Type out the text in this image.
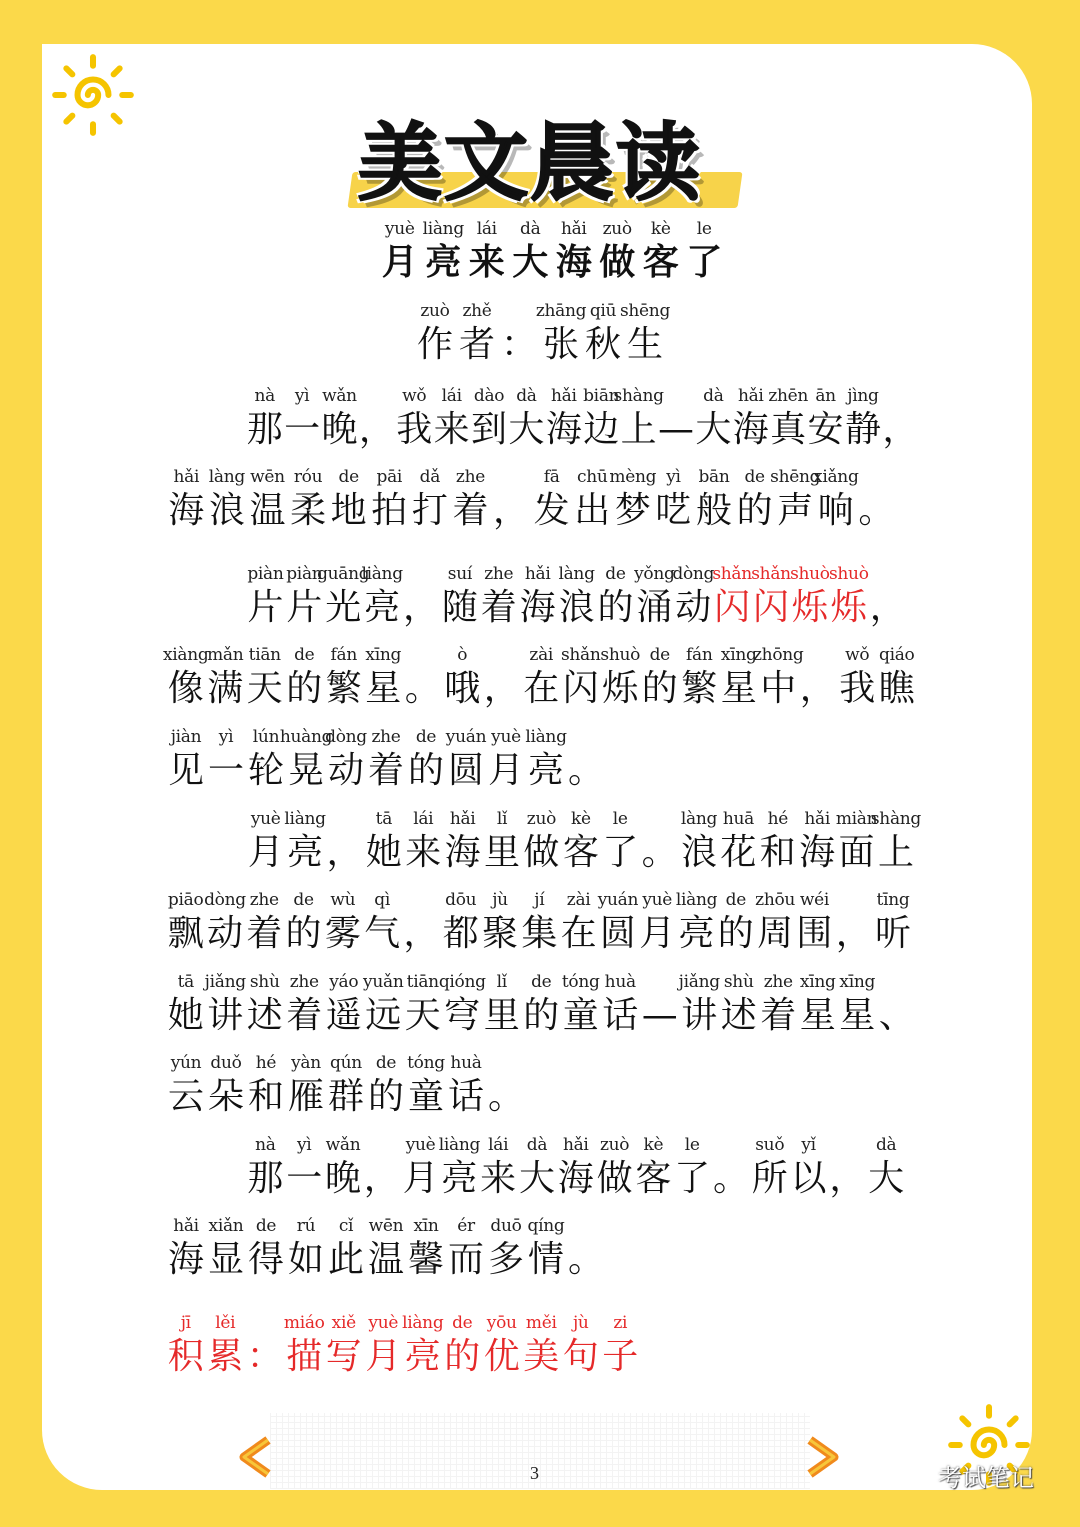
美文晨读
yuè
月
liàng
亮
lái
来
dà
大
hǎi
海
zuò
做
kè
客
le
了
zuò
作
zhě
者
：
zhāng
张
qiū
秋
shēng
生
nà
那
yì
一
wǎn
晚
，
wǒ
我
lái
来
dào
到
dà
大
hǎi
海
biān
边
shàng
上
—
dà
大
hǎi
海
zhēn
真
ān
安
jìng
静
，
hǎi
海
làng
浪
wēn
温
róu
柔
de
地
pāi
拍
dǎ
打
zhe
着
，
fā
发
chū
出
mèng
梦
yì
呓
bān
般
de
的
shēng
声
xiǎng
响
。
piàn
片
piàn
片
guāng
光
liàng
亮
，
suí
随
zhe
着
hǎi
海
làng
浪
de
的
yǒng
涌
dòng
动
shǎn
闪
shǎn
闪
shuò
烁
shuò
烁
，
xiàng
像
mǎn
满
tiān
天
de
的
fán
繁
xīng
星
。
ò
哦
，
zài
在
shǎn
闪
shuò
烁
de
的
fán
繁
xīng
星
zhōng
中
，
wǒ
我
qiáo
瞧
jiàn
见
yì
一
lún
轮
huàng
晃
dòng
动
zhe
着
de
的
yuán
圆
yuè
月
liàng
亮
。
yuè
月
liàng
亮
，
tā
她
lái
来
hǎi
海
lǐ
里
zuò
做
kè
客
le
了
。
làng
浪
huā
花
hé
和
hǎi
海
miàn
面
shàng
上
piāo
飘
dòng
动
zhe
着
de
的
wù
雾
qì
气
，
dōu
都
jù
聚
jí
集
zài
在
yuán
圆
yuè
月
liàng
亮
de
的
zhōu
周
wéi
围
，
tīng
听
tā
她
jiǎng
讲
shù
述
zhe
着
yáo
遥
yuǎn
远
tiān
天
qióng
穹
lǐ
里
de
的
tóng
童
huà
话
—
jiǎng
讲
shù
述
zhe
着
xīng
星
xīng
星
、
yún
云
duǒ
朵
hé
和
yàn
雁
qún
群
de
的
tóng
童
huà
话
。
nà
那
yì
一
wǎn
晚
，
yuè
月
liàng
亮
lái
来
dà
大
hǎi
海
zuò
做
kè
客
le
了
。
suǒ
所
yǐ
以
，
dà
大
hǎi
海
xiǎn
显
de
得
rú
如
cǐ
此
wēn
温
xīn
馨
ér
而
duō
多
qíng
情
。
jī
积
lěi
累
：
miáo
描
xiě
写
yuè
月
liàng
亮
de
的
yōu
优
měi
美
jù
句
zi
子
3	考试笔记
